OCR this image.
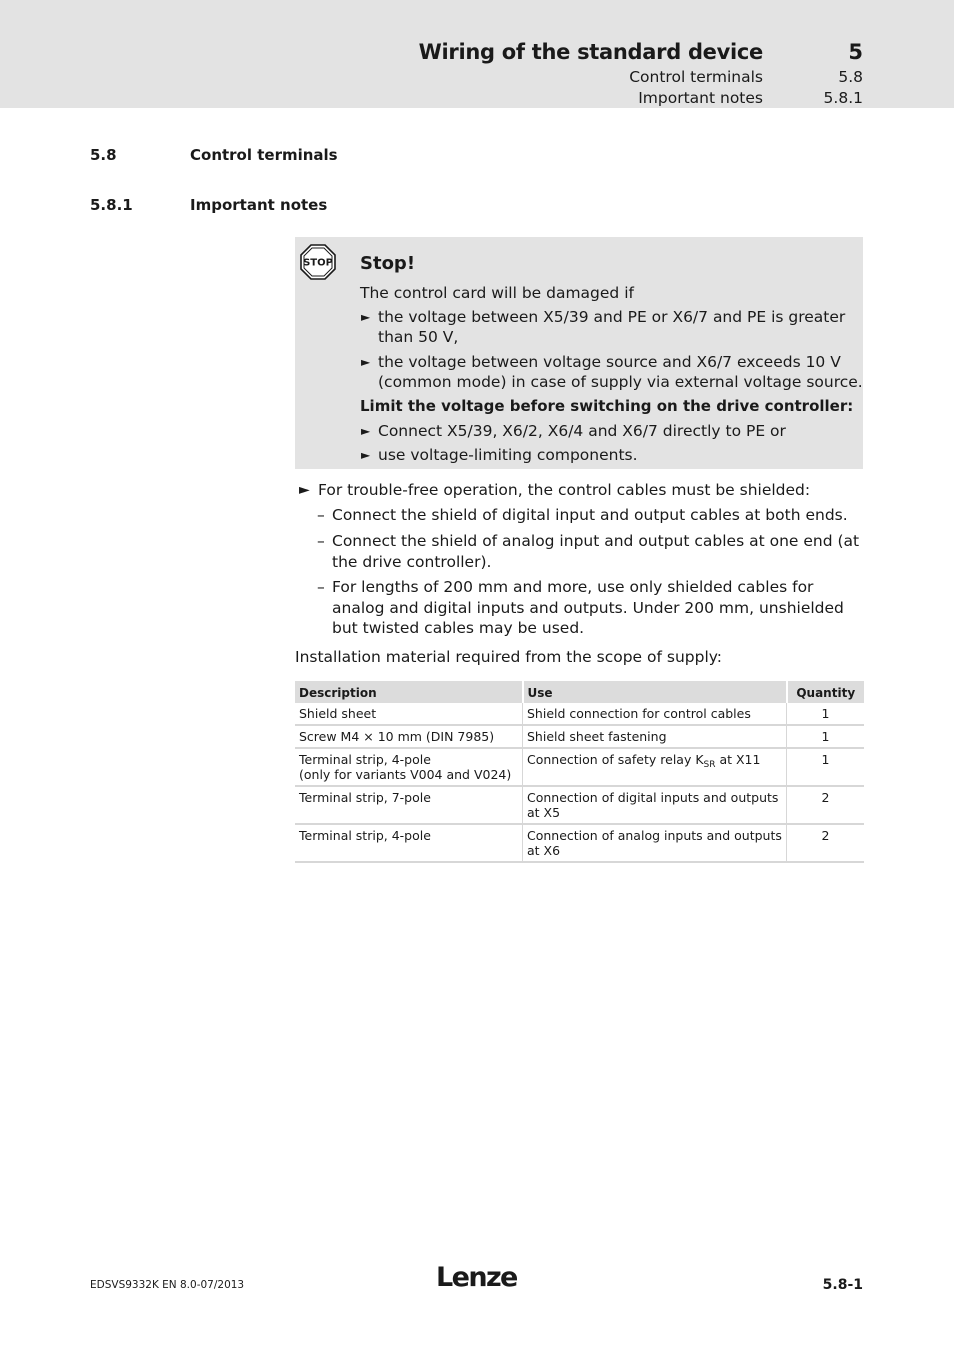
Wiring of the standard device	5
Control terminals	5.8
Important notes	5.8.1
5.8	Control terminals
5.8.1	Important notes
STOP Stop!
The control card will be damaged if
► the voltage between X5/39 and PE or X6/7 and PE is greater
than 50 V,
► the voltage between voltage source and X6/7 exceeds 10 V
(common mode) in case of supply via external voltage source.
Limit the voltage before switching on the drive controller:
► Connect X5/39, X6/2, X6/4 and X6/7 directly to PE or
► use voltage-limiting components.
► For trouble-free operation, the control cables must be shielded:
– Connect the shield of digital input and output cables at both ends.
– Connect the shield of analog input and output cables at one end (at the drive controller).
– For lengths of 200 mm and more, use only shielded cables for analog and digital inputs and outputs. Under 200 mm, unshielded but twisted cables may be used.
Installation material required from the scope of supply:
Description	Use	Quantity
Shield sheet	Shield connection for control cables	1
Screw M4 × 10 mm (DIN 7985)	Shield sheet fastening	1
Terminal strip, 4-pole
(only for variants V004 and V024)	Connection of safety relay $K_{SR}$ at X11	1
Terminal strip, 7-pole	Connection of digital inputs and outputs at X5	2
Terminal strip, 4-pole	Connection of analog inputs and outputs at X6	2
EDSVS9332K EN 8.0-07/2013	Lenze	5.8-1
